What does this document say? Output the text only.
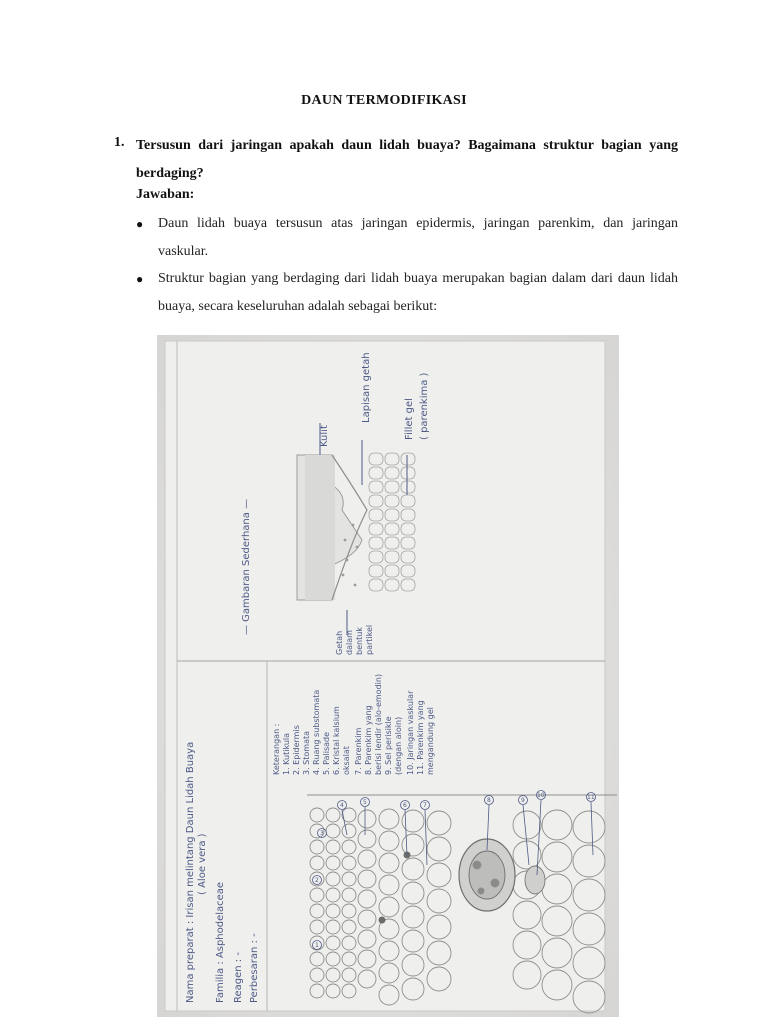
DAUN TERMODIFIKASI
1. Tersusun dari jaringan apakah daun lidah buaya? Bagaimana struktur bagian yang berdaging?
Jawaban:
● Daun lidah buaya tersusun atas jaringan epidermis, jaringan parenkim, dan jaringan vaskular.
● Struktur bagian yang berdaging dari lidah buaya merupakan bagian dalam dari daun lidah buaya, secara keseluruhan adalah sebagai berikut:
— Gambaran Sederhana —
Kulit
Lapisan getah	Fillet gel ( parenkima )
Getah dalam bentuk partikel
Nama preparat : Irisan melintang Daun Lidah Buaya ( Aloe vera )
Familia : Asphodelaceae Reagen : - Perbesaran : -
Keterangan : 1. Kutikula 2. Epidermis 3. Stomata 4. Ruang substomata 5. Palisade 6. Kristal kalsium oksalat 7. Parenkim 8. Parenkim yang berisi lendir (alo-emodin) 9. Sel perisikle (dengan aloin) 10. Jaringan vaskular 11. Parenkim yang mengandung gel
1
2
3
4	5	6	7
8	9
10	11
